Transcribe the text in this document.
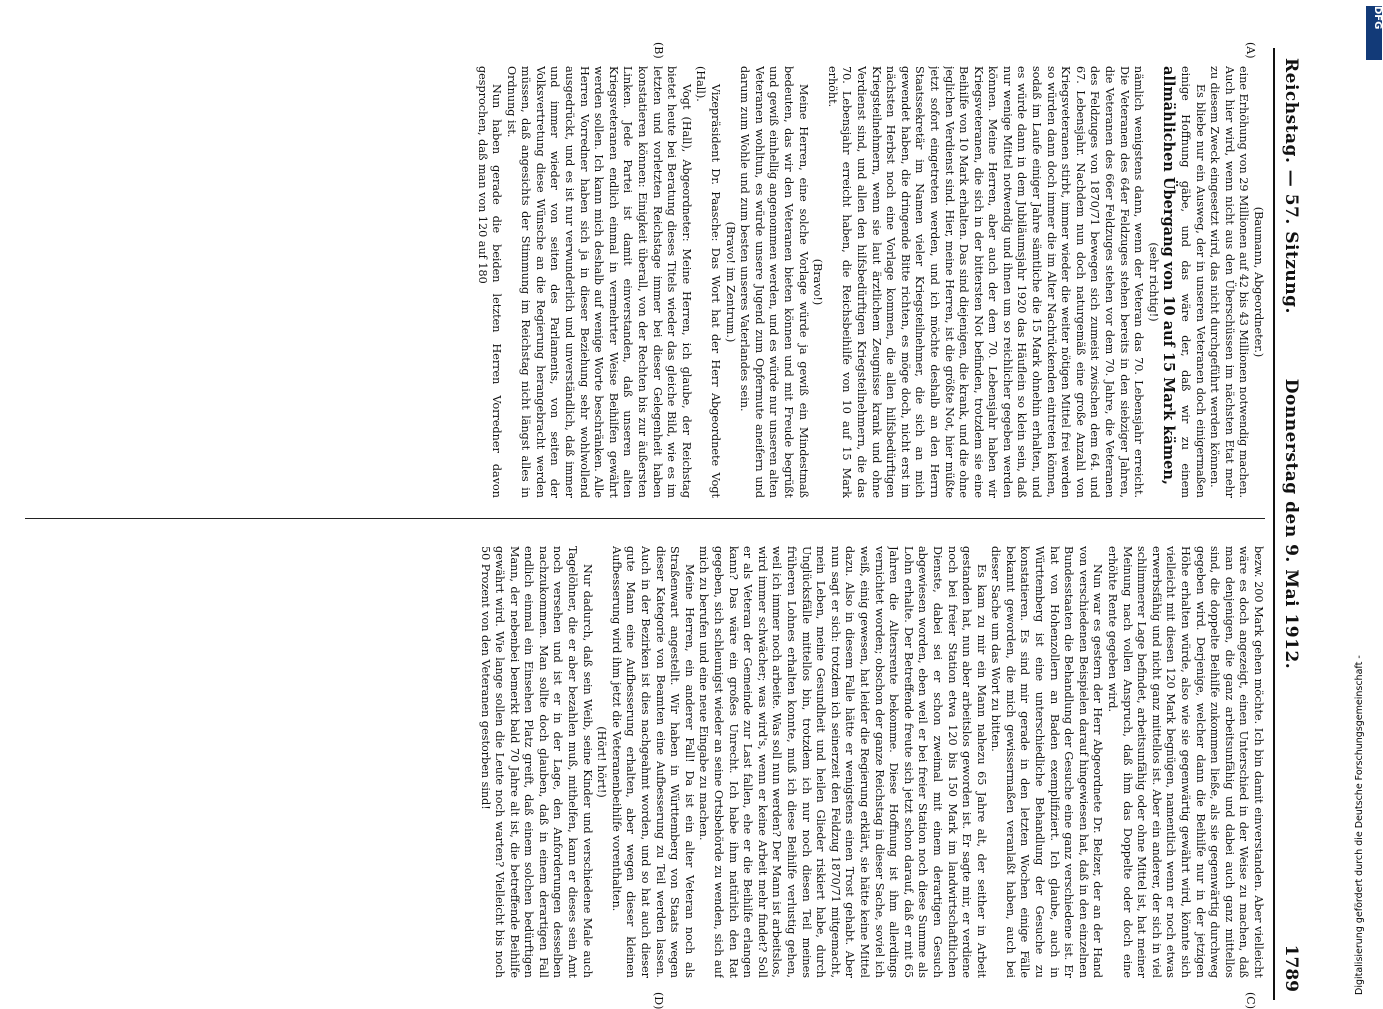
Reichstag. — 57. Sitzung.
Donnerstag den 9. Mai 1912.
1789
(A)
(B)
(C)
(D)

(Baumann, Abgeordneter.)

eine Erhöhung von 29 Millionen auf 42 bis 43 Millionen notwendig machen. Auch hier wird, wenn nicht aus den Überschüssen im nächsten Etat mehr zu diesem Zweck eingesetzt wird, das nicht durchgeführt werden können.

Es bliebe nur ein Ausweg, der in unseren Veteranen doch einigermaßen einige Hoffnung gäbe, und das wäre der, daß wir zu einem allmählichen Übergang von 10 auf 15 Mark kämen,

(sehr richtig!)

nämlich wenigstens dann, wenn der Veteran das 70. Lebensjahr erreicht. Die Veteranen des 64er Feldzuges stehen bereits in den siebziger Jahren, die Veteranen des 66er Feldzuges stehen vor dem 70. Jahre, die Veteranen des Feldzuges von 1870/71 bewegen sich zumeist zwischen dem 64. und 67. Lebensjahr. Nachdem nun doch naturgemäß eine große Anzahl von Kriegsveteranen stirbt, immer wieder die weiter nötigen Mittel frei werden so würden dann doch immer die im Alter Nachrückenden eintreten können, sodaß im Laufe einiger Jahre sämtliche die 15 Mark ohnehin erhalten, und es würde dann in dem Jubiläumsjahr 1920 das Häuflein so klein sein, daß nur wenige Mittel notwendig und ihnen um so reichlicher gegeben werden können. Meine Herren, aber auch der dem 70. Lebensjahr haben wir Kriegsveteranen, die sich in der bittersten Not befinden, trotzdem sie eine Beihilfe von 10 Mark erhalten. Das sind diejenigen, die krank, und die ohne jeglichen Verdienst sind. Hier, meine Herren, ist die größte Not, hier müßte jetzt sofort eingetreten werden, und ich möchte deshalb an den Herrn Staatssekretär im Namen vieler Kriegsteilnehmer, die sich an mich gewendet haben, die dringende Bitte richten, es möge doch, nicht erst im nächsten Herbst noch eine Vorlage kommen, die allen hilfsbedürftigen Kriegsteilnehmern, wenn sie laut ärztlichem Zeugnisse krank und ohne Verdienst sind, und allen den hilfsbedürftigen Kriegsteilnehmern, die das 70. Lebensjahr erreicht haben, die Reichsbeihilfe von 10 auf 15 Mark erhöht.

(Bravo!)

Meine Herren, eine solche Vorlage würde ja gewiß ein Mindestmaß bedeuten, das wir den Veteranen bieten können und mit Freude begrüßt und gewiß einhellig angenommen werden, und es würde nur unseren alten Veteranen wohltun, es würde unsere Jugend zum Opfermute aneifern und darum zum Wohle und zum besten unseres Vaterlandes sein.

(Bravo! im Zentrum.)

Vizepräsident Dr. Paasche: Das Wort hat der Herr Abgeordnete Vogt (Hall).

Vogt (Hall), Abgeordneter: Meine Herren, ich glaube, der Reichstag bietet heute bei Beratung dieses Titels wieder das gleiche Bild, wie es im letzten und vorletzten Reichstage immer bei dieser Gelegenheit haben konstatieren können: Einigkeit überall, von der Rechten bis zur äußersten Linken. Jede Partei ist damit einverstanden, daß unseren alten Kriegsveteranen endlich einmal in vermehrter Weise Beihilfen gewährt werden sollen. Ich kann mich deshalb auf wenige Worte beschränken. Alle Herren Vorredner haben sich ja in dieser Beziehung sehr wohlwollend ausgedrückt, und es ist nur verwunderlich und unverständlich, daß immer und immer wieder von seiten des Parlaments, von seiten der Volksvertretung diese Wünsche an die Regierung herangebracht werden müssen, daß angesichts der Stimmung im Reichstag nicht längst alles in Ordnung ist.

Nun haben gerade die beiden letzten Herren Vorredner davon gesprochen, daß man von 120 auf 180

bezw. 200 Mark gehen möchte. Ich bin damit einverstanden. Aber vielleicht wäre es doch angezeigt, einen Unterschied in der Weise zu machen, daß man denjenigen, die ganz arbeitsunfähig und dabei auch ganz mittellos sind, die doppelte Beihilfe zukommen ließe, als sie gegenwärtig durchweg gegeben wird. Derjenige, welcher dann die Beihilfe nur in der jetzigen Höhe erhalten würde, also wie sie gegenwärtig gewährt wird, könnte sich vielleicht mit diesen 120 Mark begnügen, namentlich wenn er noch etwas erwerbsfähig und nicht ganz mittellos ist. Aber ein anderer, der sich in viel schlimmerer Lage befindet, arbeitsunfähig oder ohne Mittel ist, hat meiner Meinung nach vollen Anspruch, daß ihm das Doppelte oder doch eine erhöhte Rente gegeben wird.

Nun war es gestern der Herr Abgeordnete Dr. Belzer, der an der Hand von verschiedenen Beispielen darauf hingewiesen hat, daß in den einzelnen Bundesstaaten die Behandlung der Gesuche eine ganz verschiedene ist. Er hat von Hohenzollern an Baden exemplifiziert. Ich glaube, auch in Württemberg ist eine unterschiedliche Behandlung der Gesuche zu konstatieren. Es sind mir gerade in den letzten Wochen einige Fälle bekannt geworden, die mich gewissermaßen veranlaßt haben, auch bei dieser Sache um das Wort zu bitten.

Es kam zu mir ein Mann nahezu 65 Jahre alt, der seither in Arbeit gestanden hat, nun aber arbeitslos geworden ist. Er sagte mir, er verdiene noch bei freier Station etwa 120 bis 150 Mark im landwirtschaftlichen Dienste, dabei sei er schon zweimal mit einem derartigen Gesuch abgewiesen worden, eben weil er bei freier Station noch diese Summe als Lohn erhalte. Der Betreffende freute sich jetzt schon darauf, daß er mit 65 Jahren die Altersrente bekomme. Diese Hoffnung ist ihm allerdings vernichtet worden; obschon der ganze Reichstag in dieser Sache, soviel ich weiß, einig gewesen, hat leider die Regierung erklärt, sie hätte keine Mittel dazu. Also in diesem Falle hätte er wenigstens einen Trost gehabt. Aber nun sagt er sich: trotzdem ich seinerzeit den Feldzug 1870/71 mitgemacht, mein Leben, meine Gesundheit und heilen Glieder riskiert habe, durch Unglücksfälle mittellos bin, trotzdem ich nur noch diesen Teil meines früheren Lohnes erhalten konnte, muß ich diese Beihilfe verlustig gehen, weil ich immer noch arbeite. Was soll nun werden? Der Mann ist arbeitslos, wird immer schwächer; was wird's, wenn er keine Arbeit mehr findet? Soll er als Veteran der Gemeinde zur Last fallen, ehe er die Beihilfe erlangen kann? Das wäre ein großes Unrecht. Ich habe ihm natürlich den Rat gegeben, sich schleunigst wieder an seine Ortsbehörde zu wenden, sich auf mich zu berufen und eine neue Eingabe zu machen.

Meine Herren, ein anderer Fall! Da ist ein alter Veteran noch als Straßenwart angestellt. Wir haben in Württemberg von Staats wegen dieser Kategorie von Beamten eine Aufbesserung zu Teil werden lassen. Auch in der Bezirken ist dies nachgeahmt worden, und so hat auch dieser gute Mann eine Aufbesserung erhalten, aber wegen dieser kleinen Aufbesserung wird ihm jetzt die Veteranenbeihilfe vorenthalten.

(Hört! hört!)

Nur dadurch, daß sein Weib, seine Kinder und verschiedene Male auch Tagelöhner, die er aber bezahlen muß, mithelfen, kann er dieses sein Amt noch versehen und ist er in der Lage, den Anforderungen desselben nachzukommen. Man sollte doch glauben, daß in einem derartigen Fall endlich einmal ein Einsehen Platz greift, daß einem solchen bedürftigen Mann, der nebenbei bemerkt bald 70 Jahre alt ist, die betreffende Beihilfe gewährt wird. Wie lange sollen die Leute noch warten? Vielleicht bis noch 50 Prozent von den Veteranen gestorben sind!	Digitalisierung gefördert durch die Deutsche Forschungsgemeinschaft -
DFG
